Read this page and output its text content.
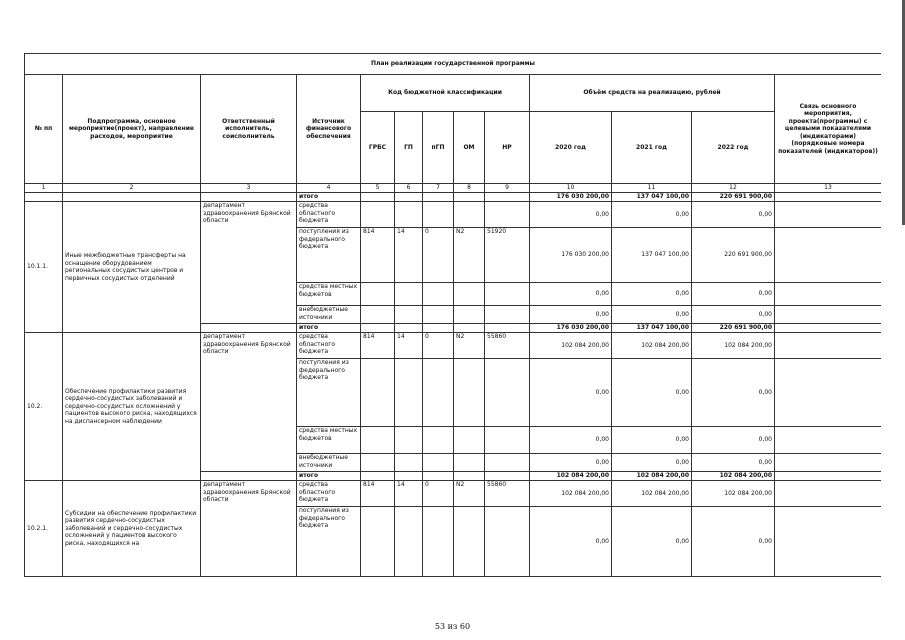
План реализации государственной программы												
№ пп	Подпрограмма, основное мероприятие(проект), направление расходов, мероприятие	Ответственный исполнитель, соисполнитель	Источник финансового обеспечения	Код бюджетной классификации					Объём средств на реализацию, рублей			Связь основного мероприятия, проекта(программы) с целевыми показателями (индикаторами) (порядковые номера показателей (индикаторов))
				ГРБС	ГП	пГП	ОМ	НР	2020 год	2021 год	2022 год	
1	2	3	4	5	6	7	8	9	10	11	12	13
			итого						176 030 200,00	137 047 100,00	220 691 900,00	
10.1.1.	Иные межбюджетные трансферты на оснащение оборудованием региональных сосудистых центров и первичных сосудистых отделений	департамент здравоохранения Брянской области	средства областного бюджета						0,00	0,00	0,00	
			поступления из федерального бюджета	814	14	0	N2	51920	176 030 200,00	137 047 100,00	220 691 900,00	
			средства местных бюджетов						0,00	0,00	0,00	
			внебюджетные источники						0,00	0,00	0,00	
			итого						176 030 200,00	137 047 100,00	220 691 900,00	
10.2.	Обеспечение профилактики развития сердечно-сосудистых заболеваний и сердечно-сосудистых осложнений у пациентов высокого риска, находящихся на диспансерном наблюдении	департамент здравоохранения Брянской области	средства областного бюджета	814	14	0	N2	55860	102 084 200,00	102 084 200,00	102 084 200,00	
			поступления из федерального бюджета						0,00	0,00	0,00	
			средства местных бюджетов						0,00	0,00	0,00	
			внебюджетные источники						0,00	0,00	0,00	
			итого						102 084 200,00	102 084 200,00	102 084 200,00	
10.2.1.	Субсидии на обеспечение профилактики развития сердечно-сосудистых заболеваний и сердечно-сосудистых осложнений у пациентов высокого риска, находящихся на	департамент здравоохранения Брянской области	средства областного бюджета	814	14	0	N2	55860	102 084 200,00	102 084 200,00	102 084 200,00	
			поступления из федерального бюджета						0,00	0,00	0,00	
53 из 60
